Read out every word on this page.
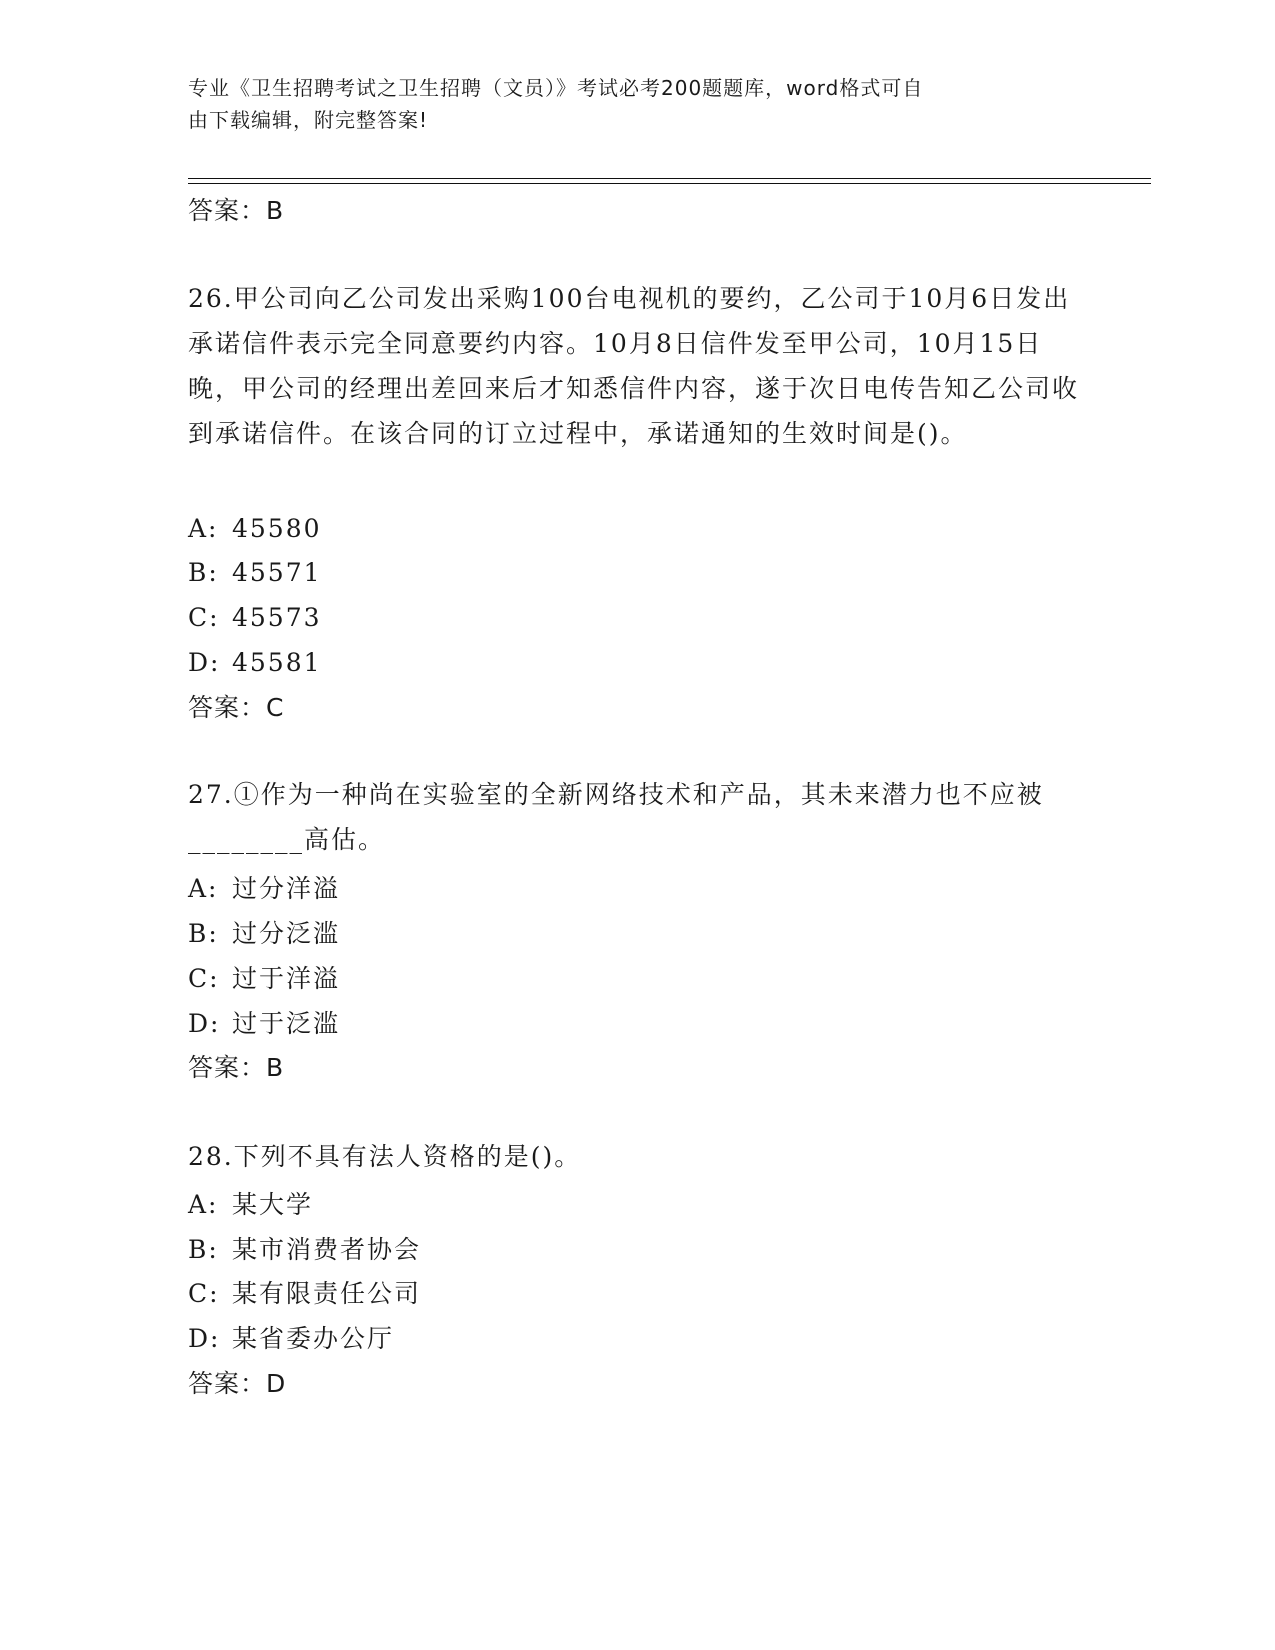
专业《卫生招聘考试之卫生招聘（文员）》考试必考200题题库，word格式可自
由下载编辑，附完整答案!
答案：B

26.甲公司向乙公司发出采购100台电视机的要约，乙公司于10月6日发出承诺信件表示完全同意要约内容。10月8日信件发至甲公司，10月15日晚，甲公司的经理出差回来后才知悉信件内容，遂于次日电传告知乙公司收到承诺信件。在该合同的订立过程中，承诺通知的生效时间是()。

A: 45580
B: 45571
C: 45573
D: 45581
答案：C

27.①作为一种尚在实验室的全新网络技术和产品，其未来潜力也不应被________高估。

A: 过分洋溢
B: 过分泛滥
C: 过于洋溢
D: 过于泛滥
答案：B

28.下列不具有法人资格的是()。

A: 某大学
B: 某市消费者协会
C: 某有限责任公司
D: 某省委办公厅
答案：D
